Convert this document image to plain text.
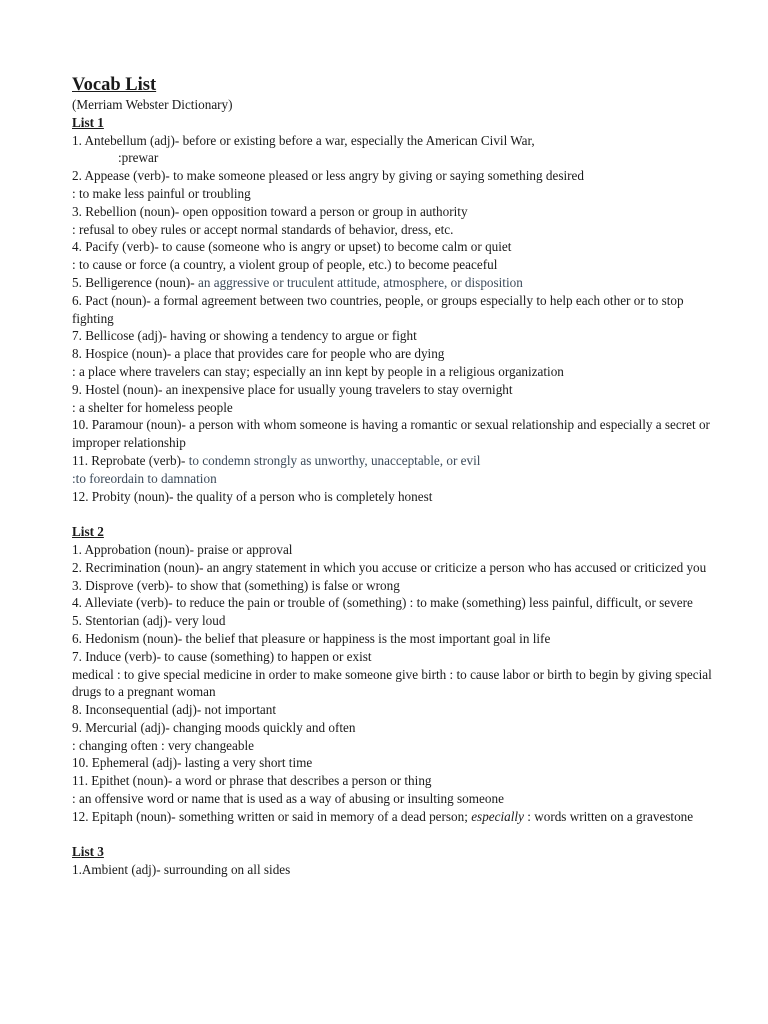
Vocab List
(Merriam Webster Dictionary)
List 1
1. Antebellum (adj)- before or existing before a war, especially the American Civil War,
:prewar
2. Appease (verb)- to make someone pleased or less angry by giving or saying something desired
: to make less painful or troubling
3. Rebellion (noun)- open opposition toward a person or group in authority
: refusal to obey rules or accept normal standards of behavior, dress, etc.
4. Pacify (verb)- to cause (someone who is angry or upset) to become calm or quiet
: to cause or force (a country, a violent group of people, etc.) to become peaceful
5. Belligerence (noun)- an aggressive or truculent attitude, atmosphere, or disposition
6. Pact (noun)- a formal agreement between two countries, people, or groups especially to help each other or to stop fighting
7. Bellicose (adj)- having or showing a tendency to argue or fight
8. Hospice (noun)- a place that provides care for people who are dying
: a place where travelers can stay; especially an inn kept by people in a religious organization
9. Hostel (noun)- an inexpensive place for usually young travelers to stay overnight
: a shelter for homeless people
10. Paramour (noun)- a person with whom someone is having a romantic or sexual relationship and especially a secret or improper relationship
11. Reprobate (verb)- to condemn strongly as unworthy, unacceptable, or evil
:to foreordain to damnation
12. Probity (noun)- the quality of a person who is completely honest
List 2
1. Approbation (noun)- praise or approval
2. Recrimination (noun)- an angry statement in which you accuse or criticize a person who has accused or criticized you
3. Disprove (verb)- to show that (something) is false or wrong
4. Alleviate (verb)- to reduce the pain or trouble of (something) : to make (something) less painful, difficult, or severe
5. Stentorian (adj)- very loud
6. Hedonism (noun)- the belief that pleasure or happiness is the most important goal in life
7. Induce (verb)- to cause (something) to happen or exist
medical : to give special medicine in order to make someone give birth : to cause labor or birth to begin by giving special drugs to a pregnant woman
8. Inconsequential (adj)- not important
9. Mercurial (adj)- changing moods quickly and often
: changing often : very changeable
10. Ephemeral (adj)- lasting a very short time
11. Epithet (noun)- a word or phrase that describes a person or thing
: an offensive word or name that is used as a way of abusing or insulting someone
12. Epitaph (noun)- something written or said in memory of a dead person; especially : words written on a gravestone
List 3
1.Ambient (adj)- surrounding on all sides
